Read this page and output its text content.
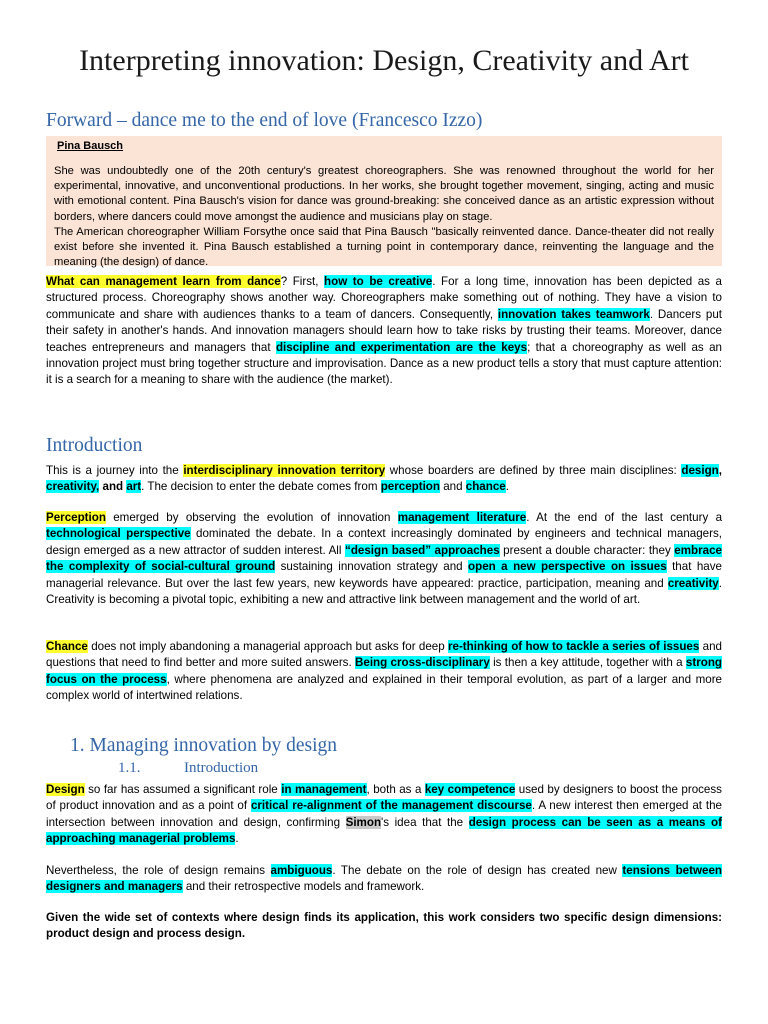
Interpreting innovation: Design, Creativity and Art
Forward – dance me to the end of love (Francesco Izzo)
Pina Bausch

She was undoubtedly one of the 20th century's greatest choreographers. She was renowned throughout the world for her experimental, innovative, and unconventional productions. In her works, she brought together movement, singing, acting and music with emotional content. Pina Bausch's vision for dance was ground-breaking: she conceived dance as an artistic expression without borders, where dancers could move amongst the audience and musicians play on stage.

The American choreographer William Forsythe once said that Pina Bausch "basically reinvented dance. Dance-theater did not really exist before she invented it. Pina Bausch established a turning point in contemporary dance, reinventing the language and the meaning (the design) of dance.

What can management learn from dance? First, how to be creative. For a long time, innovation has been depicted as a structured process. Choreography shows another way. Choreographers make something out of nothing. They have a vision to communicate and share with audiences thanks to a team of dancers. Consequently, innovation takes teamwork. Dancers put their safety in another's hands. And innovation managers should learn how to take risks by trusting their teams. Moreover, dance teaches entrepreneurs and managers that discipline and experimentation are the keys; that a choreography as well as an innovation project must bring together structure and improvisation. Dance as a new product tells a story that must capture attention: it is a search for a meaning to share with the audience (the market).

Introduction

This is a journey into the interdisciplinary innovation territory whose boarders are defined by three main disciplines: design, creativity, and art. The decision to enter the debate comes from perception and chance.

Perception emerged by observing the evolution of innovation management literature. At the end of the last century a technological perspective dominated the debate. In a context increasingly dominated by engineers and technical managers, design emerged as a new attractor of sudden interest. All “design based” approaches present a double character: they embrace the complexity of social-cultural ground sustaining innovation strategy and open a new perspective on issues that have managerial relevance. But over the last few years, new keywords have appeared: practice, participation, meaning and creativity. Creativity is becoming a pivotal topic, exhibiting a new and attractive link between management and the world of art.

Chance does not imply abandoning a managerial approach but asks for deep re-thinking of how to tackle a series of issues and questions that need to find better and more suited answers. Being cross-disciplinary is then a key attitude, together with a strong focus on the process, where phenomena are analyzed and explained in their temporal evolution, as part of a larger and more complex world of intertwined relations.

1. Managing innovation by design
1.1.	Introduction

Design so far has assumed a significant role in management, both as a key competence used by designers to boost the process of product innovation and as a point of critical re-alignment of the management discourse. A new interest then emerged at the intersection between innovation and design, confirming Simon's idea that the design process can be seen as a means of approaching managerial problems.

Nevertheless, the role of design remains ambiguous. The debate on the role of design has created new tensions between designers and managers and their retrospective models and framework.

Given the wide set of contexts where design finds its application, this work considers two specific design dimensions: product design and process design.
